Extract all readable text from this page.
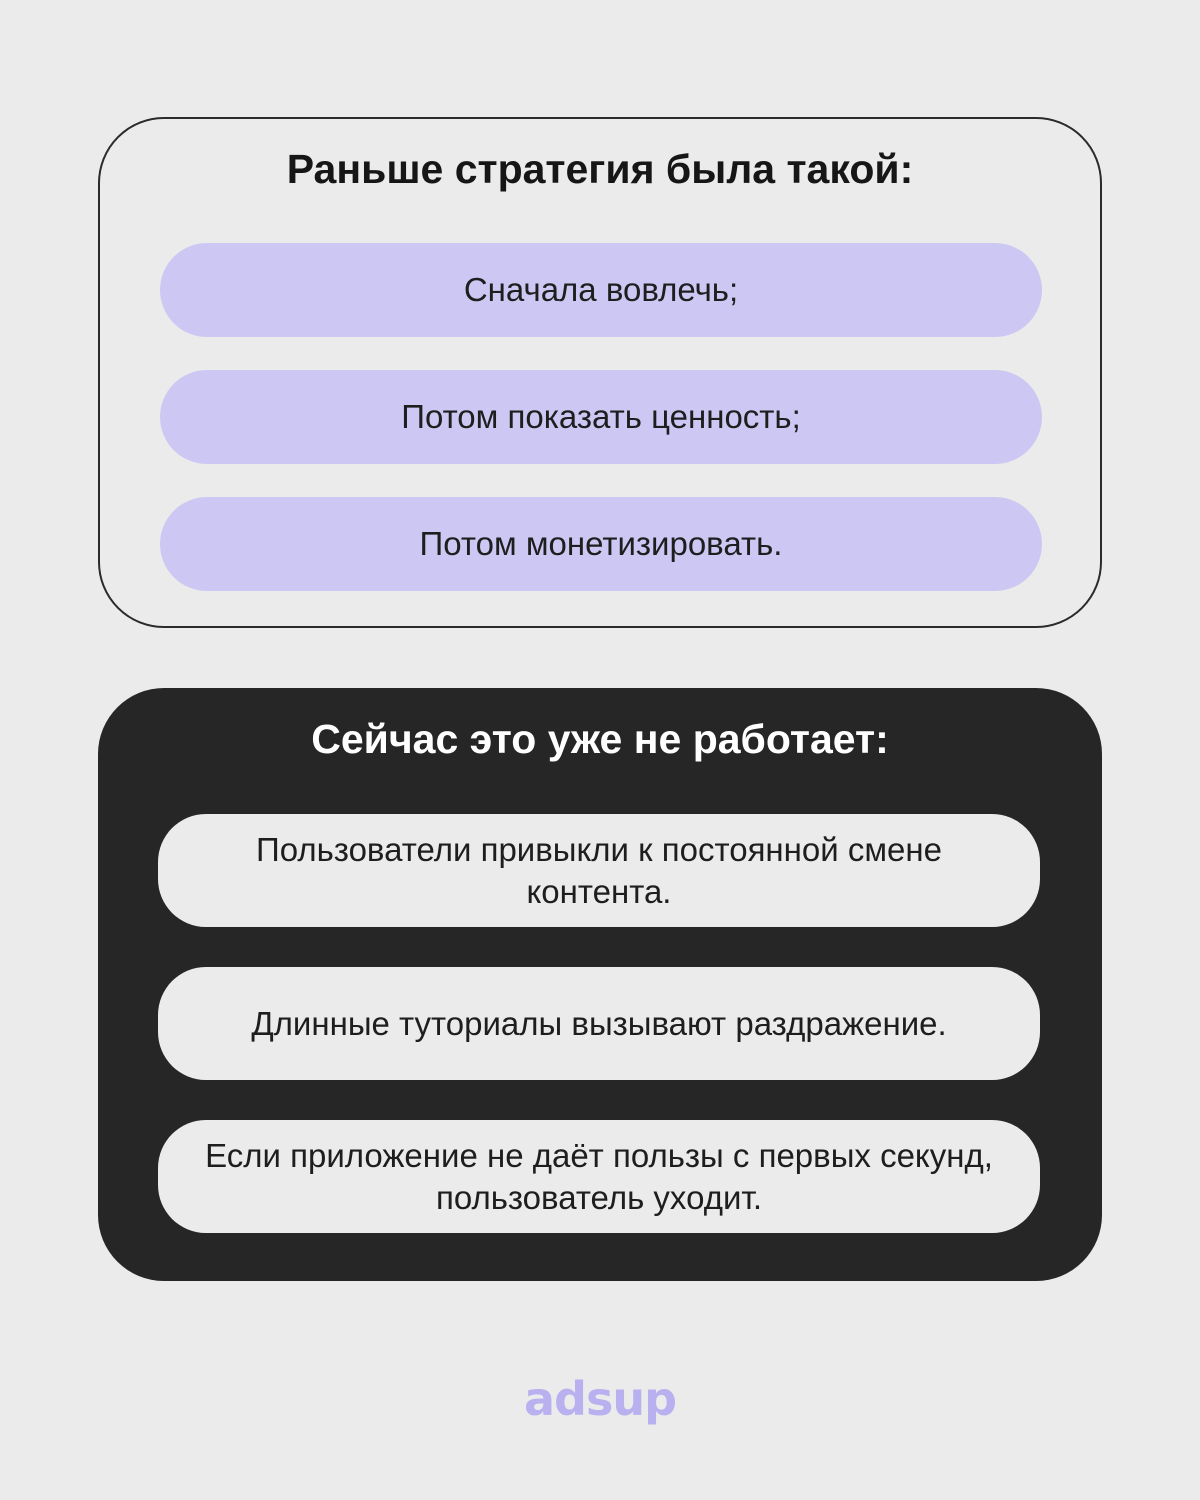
Раньше стратегия была такой:
Сначала вовлечь;
Потом показать ценность;
Потом монетизировать.
Сейчас это уже не работает:
Пользователи привыкли к постоянной смене контента.
Длинные туториалы вызывают раздражение.
Если приложение не даёт пользы с первых секунд, пользователь уходит.
adsup
